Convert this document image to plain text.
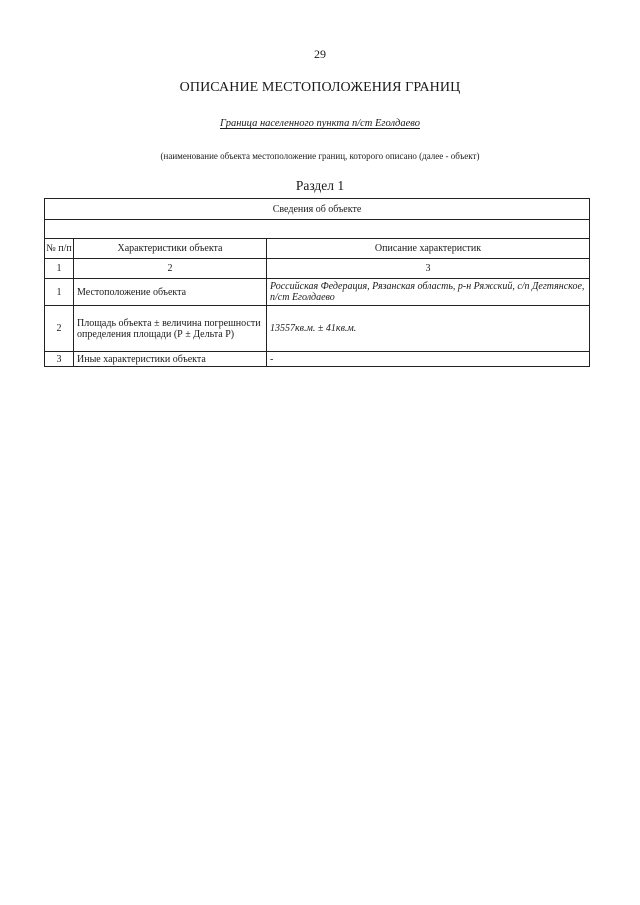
29
ОПИСАНИЕ МЕСТОПОЛОЖЕНИЯ ГРАНИЦ
Граница населенного пункта п/ст Еголдаево
(наименование объекта местоположение границ, которого описано (далее - объект)
Раздел 1
Сведения об объекте		

№ п/п	Характеристики объекта	Описание характеристик
1	2	3
1	Местоположение объекта	Российская Федерация, Рязанская область, р-н Ряжский, с/п Дегтянское, п/ст Еголдаево
2	Площадь объекта ± величина погрешности определения площади (Р ± Дельта Р)	13557кв.м. ± 41кв.м.
3	Иные характеристики объекта	-
